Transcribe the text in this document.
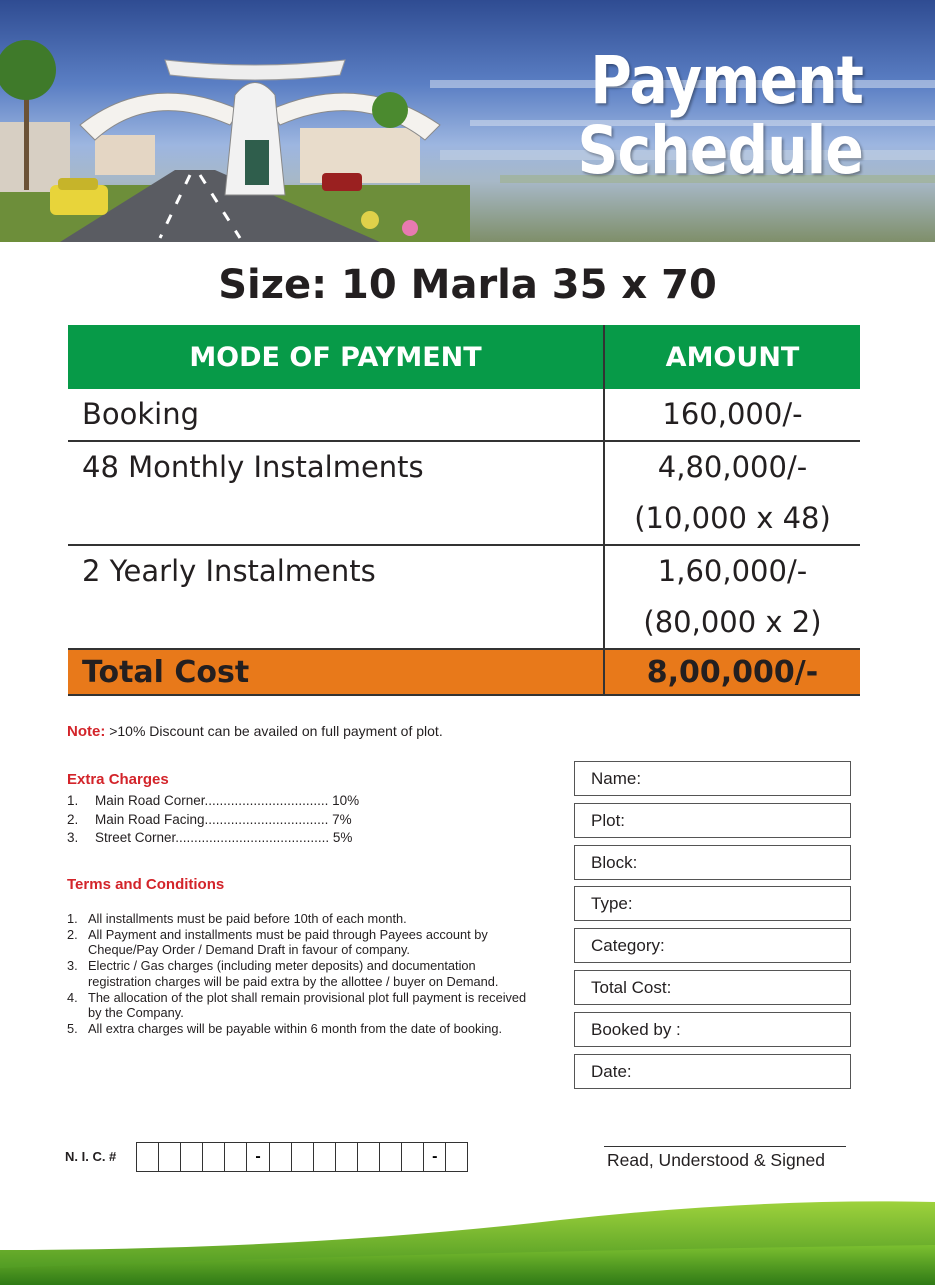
Payment
Schedule
Size: 10 Marla 35 x 70
MODE OF PAYMENT	AMOUNT
Booking	160,000/-
48 Monthly Instalments	4,80,000/-
(10,000 x 48)
2 Yearly Instalments	1,60,000/-
(80,000 x 2)
Total Cost	8,00,000/-
Note: >10% Discount can be availed on full payment of plot.
Extra Charges
1.	Main Road Corner................................. 10%
2.	Main Road Facing................................. 7%
3.	Street Corner......................................... 5%
Terms and Conditions
1. All installments must be paid before 10th of each month.
2. All Payment and installments must be paid through Payees account by Cheque/Pay Order / Demand Draft in favour of company.
3. Electric / Gas charges (including meter deposits) and documentation registration charges will be paid extra by the allottee / buyer on Demand.
4. The allocation of the plot shall remain provisional plot full payment is received by the Company.
5. All extra charges will be payable within 6 month from the date of booking.
Name:
Plot:
Block:
Type:
Category:
Total Cost:
Booked by :
Date:
N. I. C. #	-	-	Read, Understood & Signed
